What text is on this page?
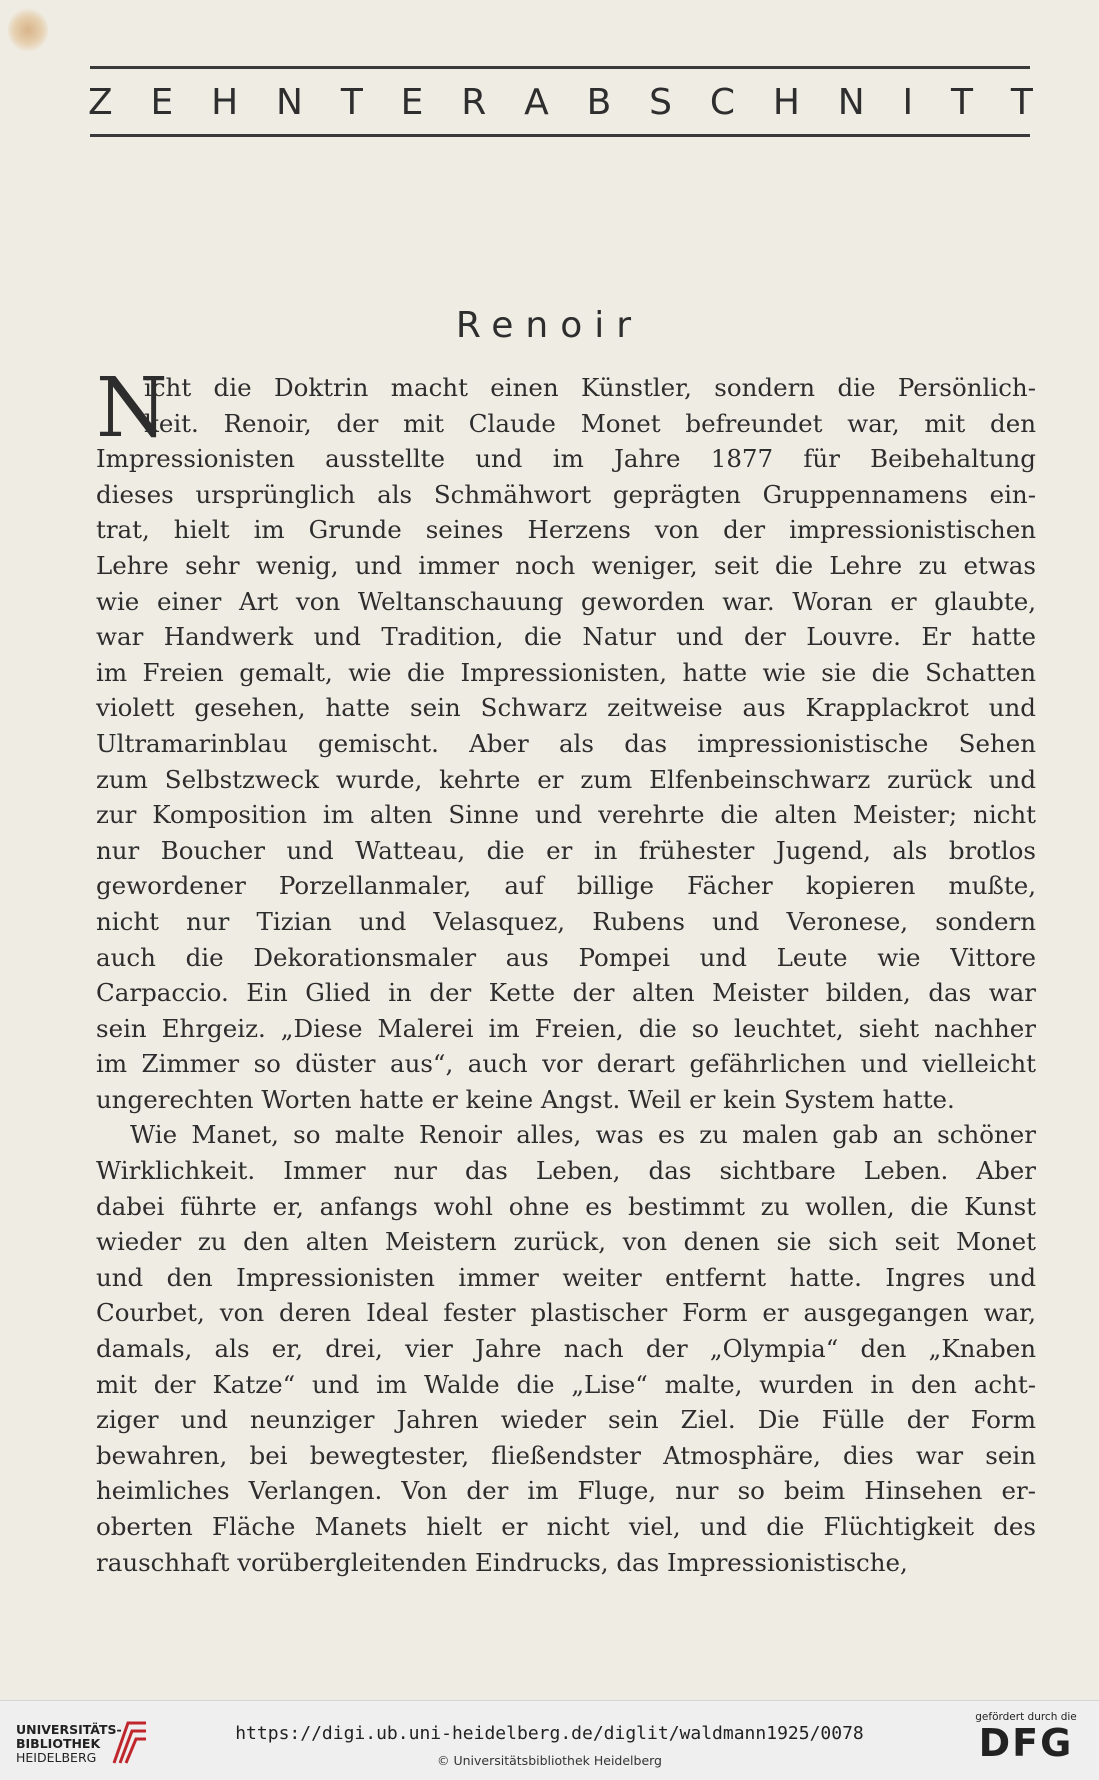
Z E H N T E R A B S C H N I T T
Renoir
N
icht die Doktrin macht einen Künstler, sondern die Persönlich-
keit. Renoir, der mit Claude Monet befreundet war, mit den
Impressionisten ausstellte und im Jahre 1877 für Beibehaltung
dieses ursprünglich als Schmähwort geprägten Gruppennamens ein-
trat, hielt im Grunde seines Herzens von der impressionistischen
Lehre sehr wenig, und immer noch weniger, seit die Lehre zu etwas
wie einer Art von Weltanschauung geworden war. Woran er glaubte,
war Handwerk und Tradition, die Natur und der Louvre. Er hatte
im Freien gemalt, wie die Impressionisten, hatte wie sie die Schatten
violett gesehen, hatte sein Schwarz zeitweise aus Krapplackrot und
Ultramarinblau gemischt. Aber als das impressionistische Sehen
zum Selbstzweck wurde, kehrte er zum Elfenbeinschwarz zurück und
zur Komposition im alten Sinne und verehrte die alten Meister; nicht
nur Boucher und Watteau, die er in frühester Jugend, als brotlos
gewordener Porzellanmaler, auf billige Fächer kopieren mußte,
nicht nur Tizian und Velasquez, Rubens und Veronese, sondern
auch die Dekorationsmaler aus Pompei und Leute wie Vittore
Carpaccio. Ein Glied in der Kette der alten Meister bilden, das war
sein Ehrgeiz. „Diese Malerei im Freien, die so leuchtet, sieht nachher
im Zimmer so düster aus“, auch vor derart gefährlichen und vielleicht
ungerechten Worten hatte er keine Angst. Weil er kein System hatte.
Wie Manet, so malte Renoir alles, was es zu malen gab an schöner
Wirklichkeit. Immer nur das Leben, das sichtbare Leben. Aber
dabei führte er, anfangs wohl ohne es bestimmt zu wollen, die Kunst
wieder zu den alten Meistern zurück, von denen sie sich seit Monet
und den Impressionisten immer weiter entfernt hatte. Ingres und
Courbet, von deren Ideal fester plastischer Form er ausgegangen war,
damals, als er, drei, vier Jahre nach der „Olympia“ den „Knaben
mit der Katze“ und im Walde die „Lise“ malte, wurden in den acht-
ziger und neunziger Jahren wieder sein Ziel. Die Fülle der Form
bewahren, bei bewegtester, fließendster Atmosphäre, dies war sein
heimliches Verlangen. Von der im Fluge, nur so beim Hinsehen er-
oberten Fläche Manets hielt er nicht viel, und die Flüchtigkeit des
rauschhaft vorübergleitenden Eindrucks, das Impressionistische,
UNIVERSITÄTS-
BIBLIOTHEK
HEIDELBERG
https://digi.ub.uni-heidelberg.de/diglit/waldmann1925/0078
© Universitätsbibliothek Heidelberg
gefördert durch die
DFG
